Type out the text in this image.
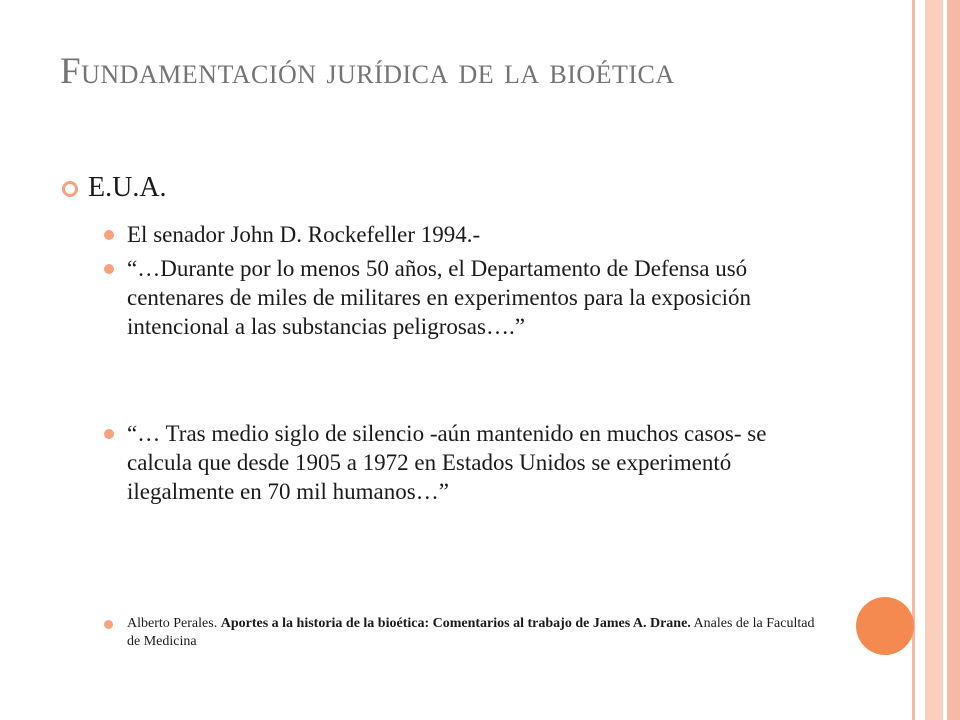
Fundamentación jurídica de la bioética
E.U.A.
El senador John D. Rockefeller 1994.-
“…Durante por lo menos 50 años, el Departamento de Defensa usó centenares de miles de militares en experimentos para la exposición intencional a las substancias peligrosas….”
“… Tras medio siglo de silencio -aún mantenido en muchos casos- se calcula que desde 1905 a 1972 en Estados Unidos se experimentó ilegalmente en 70 mil humanos…”
Alberto Perales. Aportes a la historia de la bioética: Comentarios al trabajo de James A. Drane. Anales de la Facultad de Medicina
